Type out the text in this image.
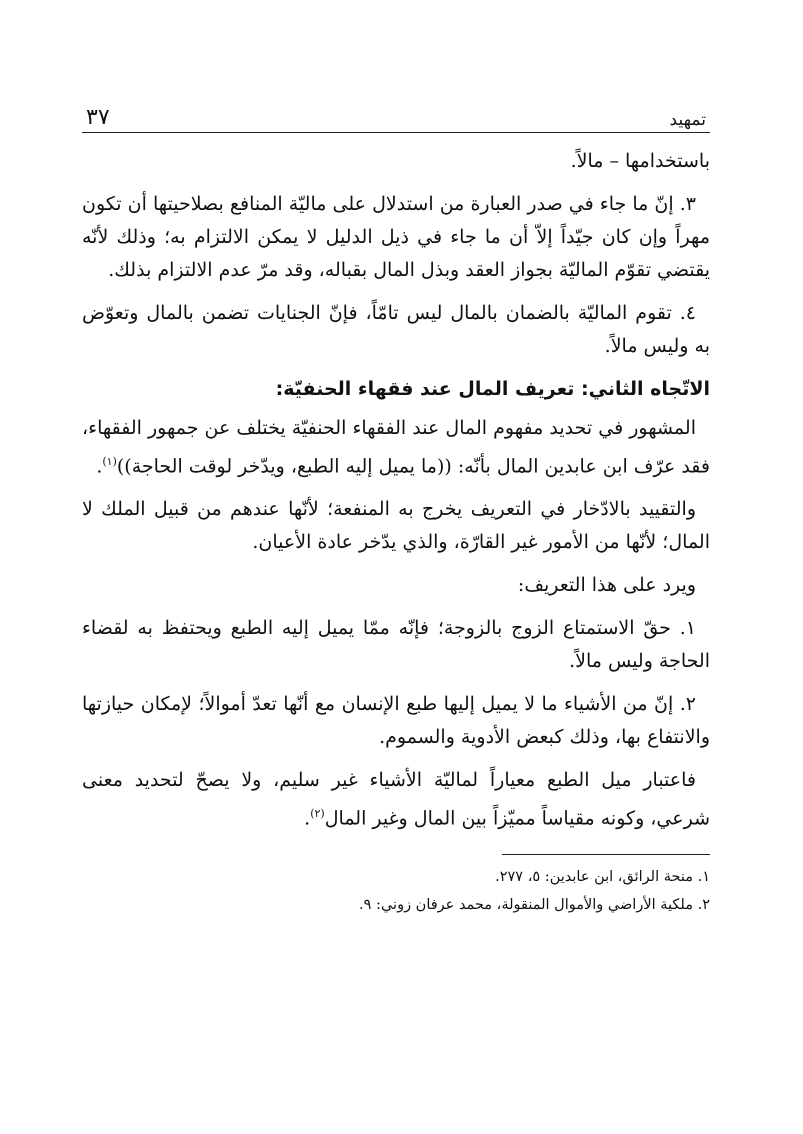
تمهيد
٣٧

باستخدامها – مالاً.

٣. إنّ ما جاء في صدر العبارة من استدلال على ماليّة المنافع بصلاحيتها أن تكون مهراً وإن كان جيّداً إلاّ أن ما جاء في ذيل الدليل لا يمكن الالتزام به؛ وذلك لأنّه يقتضي تقوّم الماليّة بجواز العقد وبذل المال بقباله، وقد مرّ عدم الالتزام بذلك.

٤. تقوم الماليّة بالضمان بالمال ليس تامّاً، فإنّ الجنايات تضمن بالمال وتعوّض به وليس مالاً.

الاتّجاه الثاني: تعريف المال عند فقهاء الحنفيّة:

المشهور في تحديد مفهوم المال عند الفقهاء الحنفيّة يختلف عن جمهور الفقهاء، فقد عرّف ابن عابدين المال بأنّه: ((ما يميل إليه الطبع، ويدّخر لوقت الحاجة))$^{(١)}$.

والتقييد بالادّخار في التعريف يخرج به المنفعة؛ لأنّها عندهم من قبيل الملك لا المال؛ لأنّها من الأمور غير القارّة، والذي يدّخر عادة الأعيان.

ويرد على هذا التعريف:

١. حقّ الاستمتاع الزوج بالزوجة؛ فإنّه ممّا يميل إليه الطبع ويحتفظ به لقضاء الحاجة وليس مالاً.

٢. إنّ من الأشياء ما لا يميل إليها طبع الإنسان مع أنّها تعدّ أموالاً؛ لإمكان حيازتها والانتفاع بها، وذلك كبعض الأدوية والسموم.

فاعتبار ميل الطبع معياراً لماليّة الأشياء غير سليم، ولا يصحّ لتحديد معنى شرعي، وكونه مقياساً مميّزاً بين المال وغير المال$^{(٢)}$.

١. منحة الرائق، ابن عابدين: ٥، ٢٧٧.

٢. ملكية الأراضي والأموال المنقولة، محمد عرفان زوني: ٩.
